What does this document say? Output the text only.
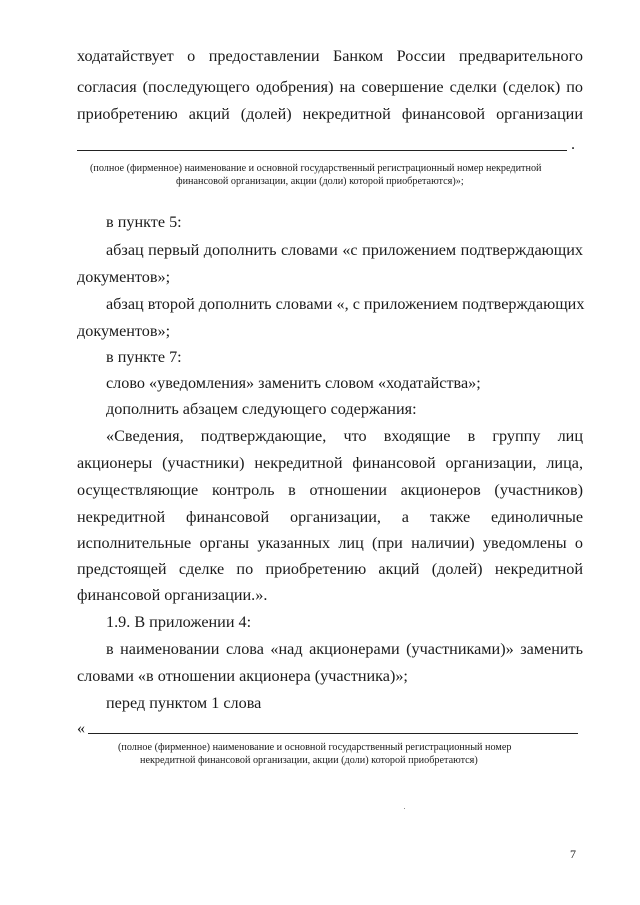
ходатайствует о предоставлении Банком России предварительного
согласия (последующего одобрения) на совершение сделки (сделок) по
приобретению акций (долей) некредитной финансовой организации
.
(полное (фирменное) наименование и основной государственный регистрационный номер некредитной
финансовой организации, акции (доли) которой приобретаются)»;
в пункте 5:
абзац первый дополнить словами «с приложением подтверждающих
документов»;
абзац второй дополнить словами «, с приложением подтверждающих
документов»;
в пункте 7:
слово «уведомления» заменить словом «ходатайства»;
дополнить абзацем следующего содержания:
«Сведения, подтверждающие, что входящие в группу лиц
акционеры (участники) некредитной финансовой организации, лица,
осуществляющие контроль в отношении акционеров (участников)
некредитной финансовой организации, а также единоличные
исполнительные органы указанных лиц (при наличии) уведомлены о
предстоящей сделке по приобретению акций (долей) некредитной
финансовой организации.».
1.9. В приложении 4:
в наименовании слова «над акционерами (участниками)» заменить
словами «в отношении акционера (участника)»;
перед пунктом 1 слова
«
(полное (фирменное) наименование и основной государственный регистрационный номер
некредитной финансовой организации, акции (доли) которой приобретаются)
7
